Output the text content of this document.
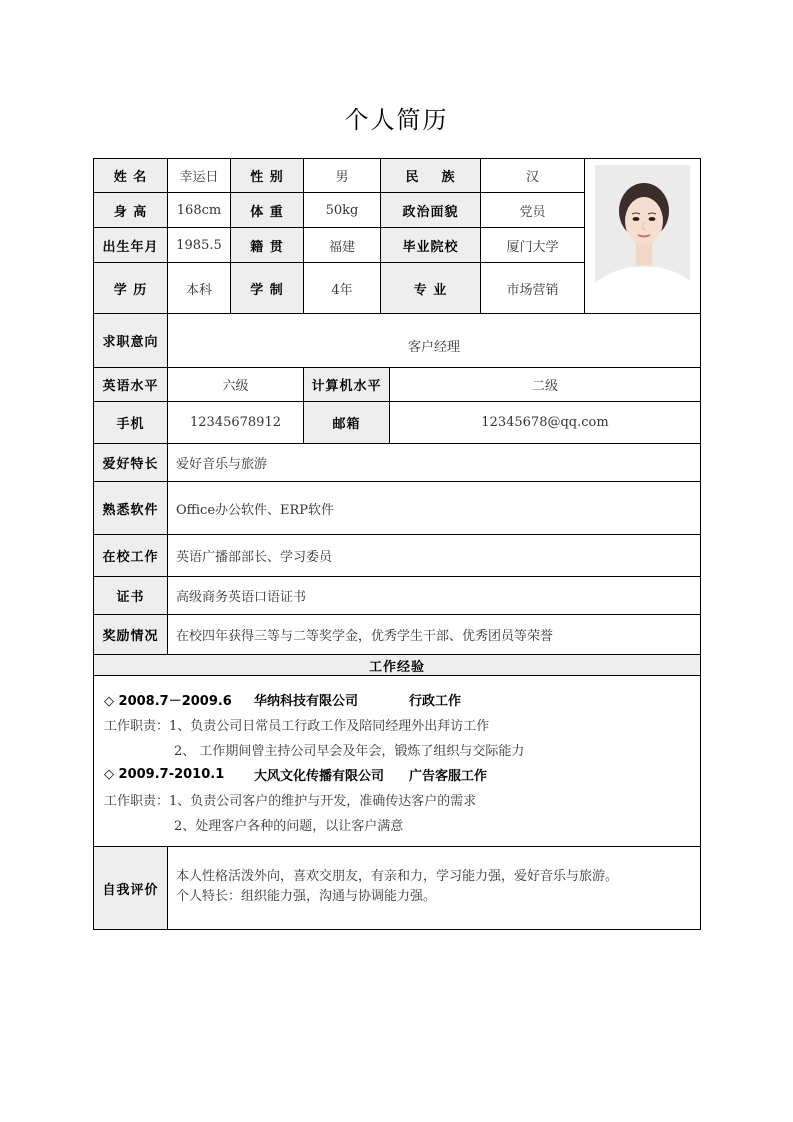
个人简历
姓 名	幸运日	性 别	男	民    族	汉
身 高	168cm	体 重	50kg	政治面貌	党员
出生年月	1985.5	籍 贯	福建	毕业院校	厦门大学
学 历	本科	学 制	4年	专 业	市场营销
求职意向	客户经理
英语水平	六级	计算机水平	二级
手机	12345678912	邮箱	12345678@qq.com
爱好特长	爱好音乐与旅游
熟悉软件	Office办公软件、ERP软件
在校工作	英语广播部部长、学习委员
证书	高级商务英语口语证书
奖励情况	在校四年获得三等与二等奖学金，优秀学生干部、优秀团员等荣誉
工作经验
◇ 2008.7－2009.6	华纳科技有限公司	行政工作
工作职责：1、负责公司日常员工行政工作及陪同经理外出拜访工作
2、 工作期间曾主持公司早会及年会，锻炼了组织与交际能力
◇ 2009.7-2010.1	大风文化传播有限公司	广告客服工作
工作职责：1、负责公司客户的维护与开发，准确传达客户的需求
2、处理客户各种的问题，以让客户满意
自我评价
本人性格活泼外向，喜欢交朋友，有亲和力，学习能力强，爱好音乐与旅游。
个人特长：组织能力强，沟通与协调能力强。
